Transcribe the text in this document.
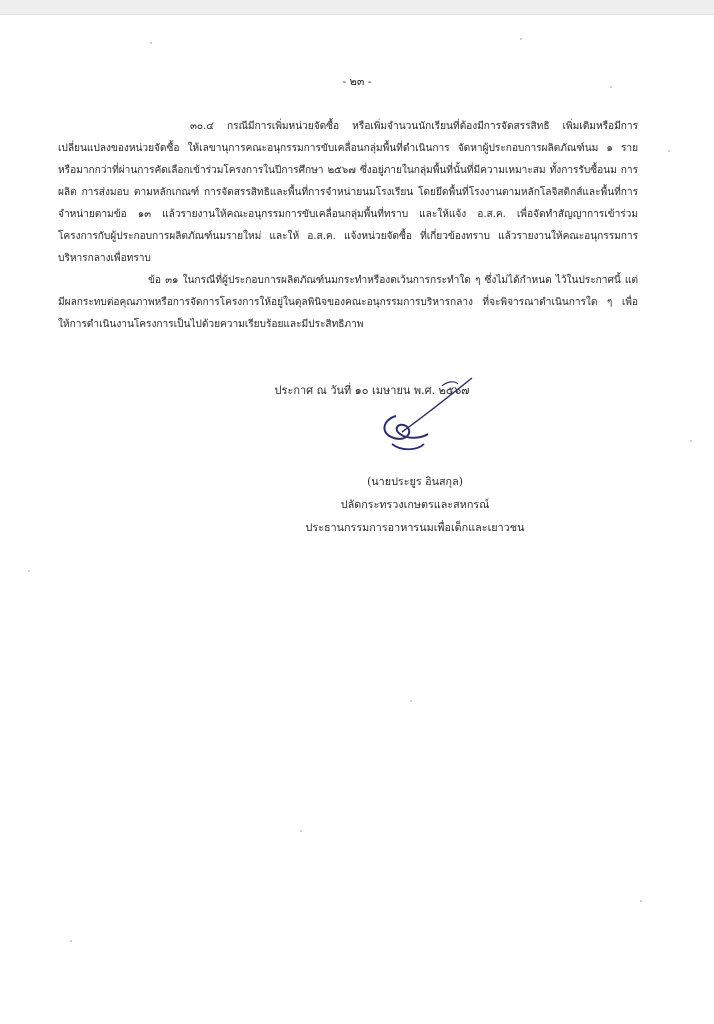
- ๒๓ -

๓๐.๔ กรณีมีการเพิ่มหน่วยจัดซื้อ หรือเพิ่มจำนวนนักเรียนที่ต้องมีการจัดสรรสิทธิ เพิ่มเติมหรือมีการเปลี่ยนแปลงของหน่วยจัดซื้อ ให้เลขานุการคณะอนุกรรมการขับเคลื่อนกลุ่มพื้นที่ดำเนินการ จัดหาผู้ประกอบการผลิตภัณฑ์นม ๑ ราย หรือมากกว่าที่ผ่านการคัดเลือกเข้าร่วมโครงการในปีการศึกษา ๒๕๖๗ ซึ่งอยู่ภายในกลุ่มพื้นที่นั้นที่มีความเหมาะสม ทั้งการรับซื้อนม การผลิต การส่งมอบ ตามหลักเกณฑ์ การจัดสรรสิทธิและพื้นที่การจำหน่ายนมโรงเรียน โดยยึดพื้นที่โรงงานตามหลักโลจิสติกส์และพื้นที่การ จำหน่ายตามข้อ ๑๓ แล้วรายงานให้คณะอนุกรรมการขับเคลื่อนกลุ่มพื้นที่ทราบ และให้แจ้ง อ.ส.ค. เพื่อจัดทำสัญญาการเข้าร่วมโครงการกับผู้ประกอบการผลิตภัณฑ์นมรายใหม่ และให้ อ.ส.ค. แจ้งหน่วยจัดซื้อ ที่เกี่ยวข้องทราบ แล้วรายงานให้คณะอนุกรรมการบริหารกลางเพื่อทราบ

ข้อ ๓๑ ในกรณีที่ผู้ประกอบการผลิตภัณฑ์นมกระทำหรืองดเว้นการกระทำใด ๆ ซึ่งไม่ได้กำหนด ไว้ในประกาศนี้ แต่มีผลกระทบต่อคุณภาพหรือการจัดการโครงการให้อยู่ในดุลพินิจของคณะอนุกรรมการบริหารกลาง ที่จะพิจารณาดำเนินการใด ๆ เพื่อให้การดำเนินงานโครงการเป็นไปด้วยความเรียบร้อยและมีประสิทธิภาพ

ประกาศ ณ วันที่ ๑๐ เมษายน พ.ศ. ๒๕๖๗
(นายประยูร อินสกุล)
ปลัดกระทรวงเกษตรและสหกรณ์
ประธานกรรมการอาหารนมเพื่อเด็กและเยาวชน
